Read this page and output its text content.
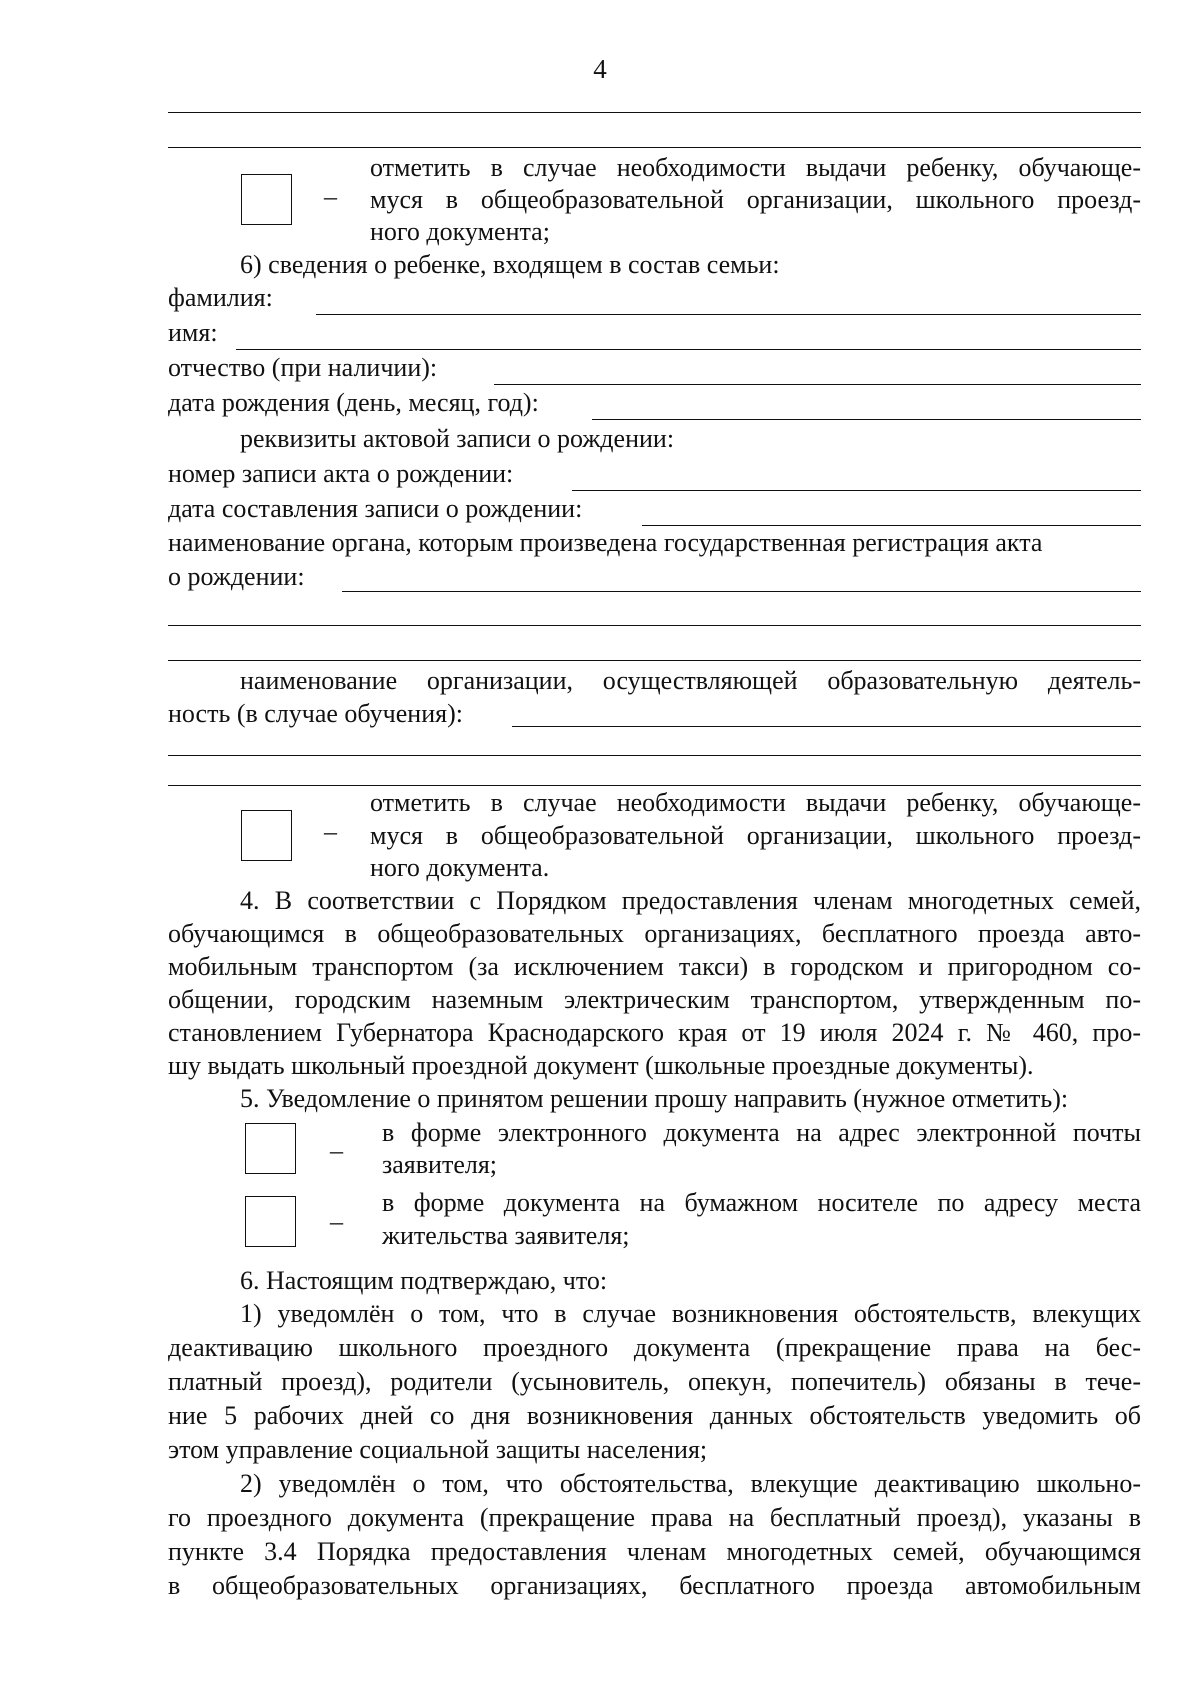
4
–
отметить в случае необходимости выдачи ребенку, обучающе-
муся в общеобразовательной организации, школьного проезд-
ного документа;
6) сведения о ребенке, входящем в состав семьи:
фамилия:
имя:
отчество (при наличии):
дата рождения (день, месяц, год):
реквизиты актовой записи о рождении:
номер записи акта о рождении:
дата составления записи о рождении:
наименование органа, которым произведена государственная регистрация акта
о рождении:
наименование организации, осуществляющей образовательную деятель-
ность (в случае обучения):
–
отметить в случае необходимости выдачи ребенку, обучающе-
муся в общеобразовательной организации, школьного проезд-
ного документа.
4. В соответствии с Порядком предоставления членам многодетных семей,
обучающимся в общеобразовательных организациях, бесплатного проезда авто-
мобильным транспортом (за исключением такси) в городском и пригородном со-
общении, городским наземным электрическим транспортом, утвержденным по-
становлением Губернатора Краснодарского края от 19 июля 2024 г. № 460, про-
шу выдать школьный проездной документ (школьные проездные документы).
5. Уведомление о принятом решении прошу направить (нужное отметить):
_ в форме электронного документа на адрес электронной почты
заявителя;
_ в форме документа на бумажном носителе по адресу места
жительства заявителя;
6. Настоящим подтверждаю, что:
1) уведомлён о том, что в случае возникновения обстоятельств, влекущих
деактивацию школьного проездного документа (прекращение права на бес-
платный проезд), родители (усыновитель, опекун, попечитель) обязаны в тече-
ние 5 рабочих дней со дня возникновения данных обстоятельств уведомить об
этом управление социальной защиты населения;
2) уведомлён о том, что обстоятельства, влекущие деактивацию школьно-
го проездного документа (прекращение права на бесплатный проезд), указаны в
пункте 3.4 Порядка предоставления членам многодетных семей, обучающимся
в общеобразовательных организациях, бесплатного проезда автомобильным
